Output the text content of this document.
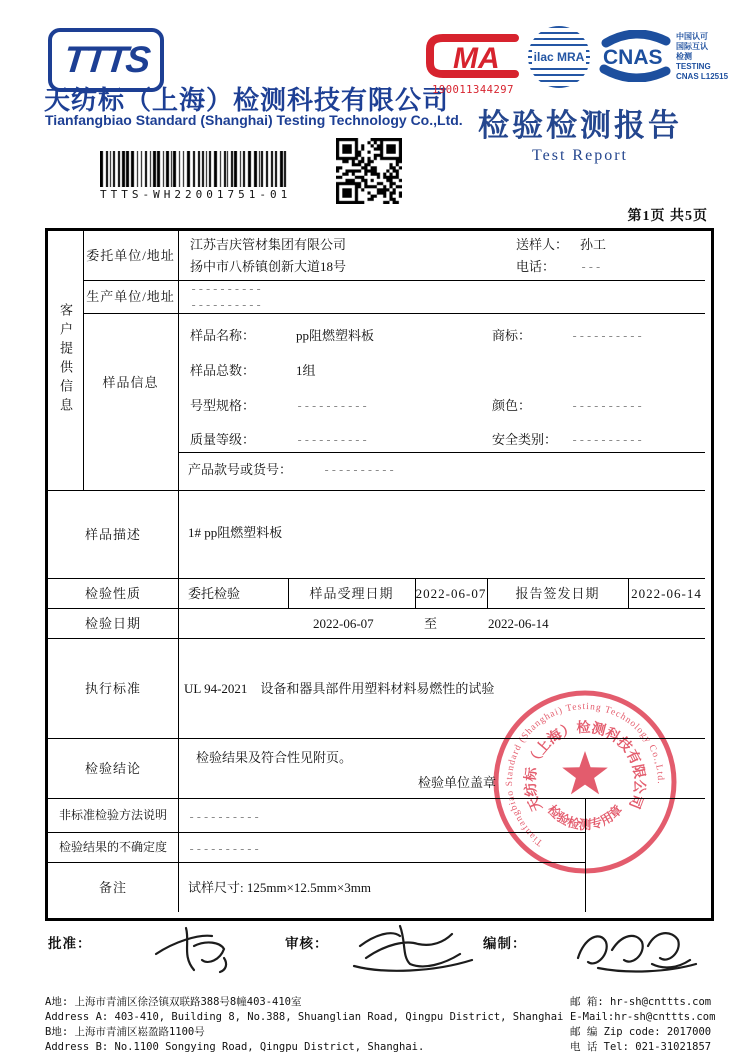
TTTS
天纺标（上海）检测科技有限公司
Tianfangbiao Standard (Shanghai) Testing Technology Co.,Ltd.
MA
190011344297
ilac MRA CNAS
中国认可
国际互认
检测
TESTING
CNAS L12515
检验检测报告
Test Report
TTTS-WH22001751-01
第1页 共5页
客户提供信息
委托单位/地址
江苏吉庆管材集团有限公司
扬中市八桥镇创新大道18号
送样人： 孙工
电话： ---
生产单位/地址 ----------
----------
样品信息
样品名称：	pp阻燃塑料板	商标：	----------
样品总数：	1组
号型规格：	----------	颜色：	----------
质量等级：	----------	安全类别： ----------
产品款号或货号：	----------
样品描述	1# pp阻燃塑料板
检验性质	委托检验	样品受理日期	2022-06-07	报告签发日期	2022-06-14
检验日期	2022-06-07	至	2022-06-14
执行标准	UL 94-2021　设备和器具部件用塑料材料易燃性的试验
检验结论
检验结果及符合性见附页。
检验单位盖章
非标准检验方法说明	----------
检验结果的不确定度	----------
备注	试样尺寸: 125mm×12.5mm×3mm
Tianfangbiao Standard (Shanghai) Testing Technology Co.,Ltd.
天纺标（上海）检测科技有限公司
检验检测专用章
批准：	审核：	编制：
A地: 上海市青浦区徐泾镇双联路388号8幢403-410室
Address A: 403-410, Building 8, No.388, Shuanglian Road, Qingpu District, Shanghai
B地: 上海市青浦区崧盈路1100号
Address B: No.1100 Songying Road, Qingpu District, Shanghai.
邮 箱: hr-sh@cnttts.com
E-Mail:hr-sh@cnttts.com
邮 编 Zip code: 2017000
电 话 Tel: 021-31021857
